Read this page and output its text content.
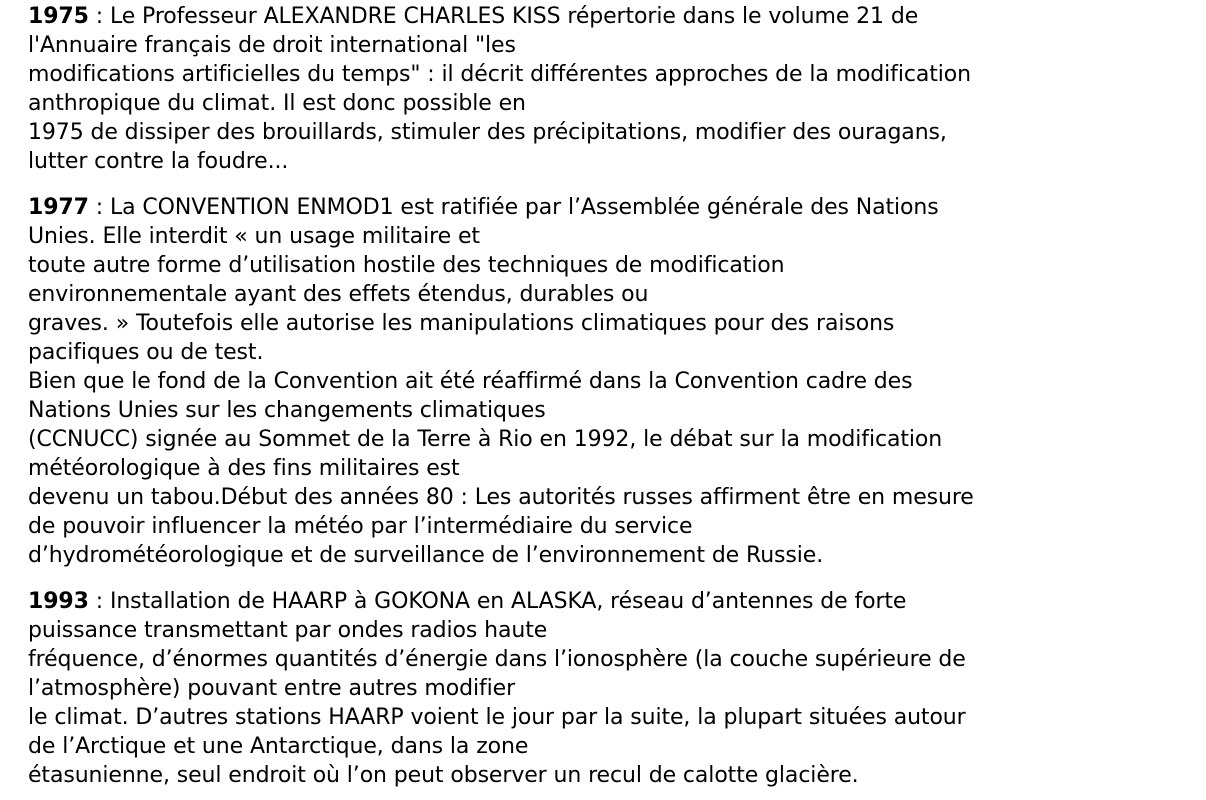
1975 : Le Professeur ALEXANDRE CHARLES KISS répertorie dans le volume 21 de
l'Annuaire français de droit international "les
modifications artificielles du temps" : il décrit différentes approches de la modification
anthropique du climat. Il est donc possible en
1975 de dissiper des brouillards, stimuler des précipitations, modifier des ouragans,
lutter contre la foudre...
1977 : La CONVENTION ENMOD1 est ratifiée par l’Assemblée générale des Nations
Unies. Elle interdit « un usage militaire et
toute autre forme d’utilisation hostile des techniques de modification
environnementale ayant des effets étendus, durables ou
graves. » Toutefois elle autorise les manipulations climatiques pour des raisons
pacifiques ou de test.
Bien que le fond de la Convention ait été réaffirmé dans la Convention cadre des
Nations Unies sur les changements climatiques
(CCNUCC) signée au Sommet de la Terre à Rio en 1992, le débat sur la modification
météorologique à des fins militaires est
devenu un tabou.Début des années 80 : Les autorités russes affirment être en mesure
de pouvoir influencer la météo par l’intermédiaire du service
d’hydrométéorologique et de surveillance de l’environnement de Russie.
1993 : Installation de HAARP à GOKONA en ALASKA, réseau d’antennes de forte
puissance transmettant par ondes radios haute
fréquence, d’énormes quantités d’énergie dans l’ionosphère (la couche supérieure de
l’atmosphère) pouvant entre autres modifier
le climat. D’autres stations HAARP voient le jour par la suite, la plupart situées autour
de l’Arctique et une Antarctique, dans la zone
étasunienne, seul endroit où l’on peut observer un recul de calotte glacière.
